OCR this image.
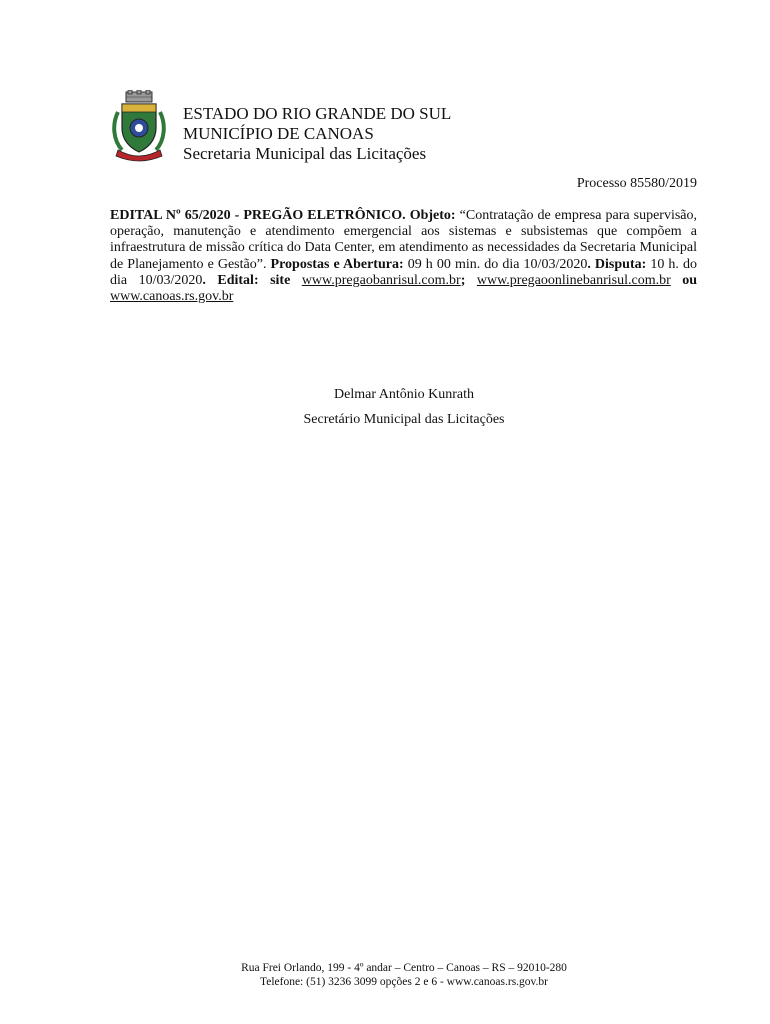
ESTADO DO RIO GRANDE DO SUL
MUNICÍPIO DE CANOAS
Secretaria Municipal das Licitações
Processo 85580/2019
EDITAL Nº 65/2020 - PREGÃO ELETRÔNICO. Objeto: “Contratação de empresa para supervisão, operação, manutenção e atendimento emergencial aos sistemas e subsistemas que compõem a infraestrutura de missão crítica do Data Center, em atendimento as necessidades da Secretaria Municipal de Planejamento e Gestão”. Propostas e Abertura: 09 h 00 min. do dia 10/03/2020. Disputa: 10 h. do dia 10/03/2020. Edital: site www.pregaobanrisul.com.br; www.pregaoonlinebanrisul.com.br ou www.canoas.rs.gov.br
Delmar Antônio Kunrath
Secretário Municipal das Licitações
Rua Frei Orlando, 199 - 4º andar – Centro – Canoas – RS – 92010-280
Telefone: (51) 3236 3099 opções 2 e 6 - www.canoas.rs.gov.br
